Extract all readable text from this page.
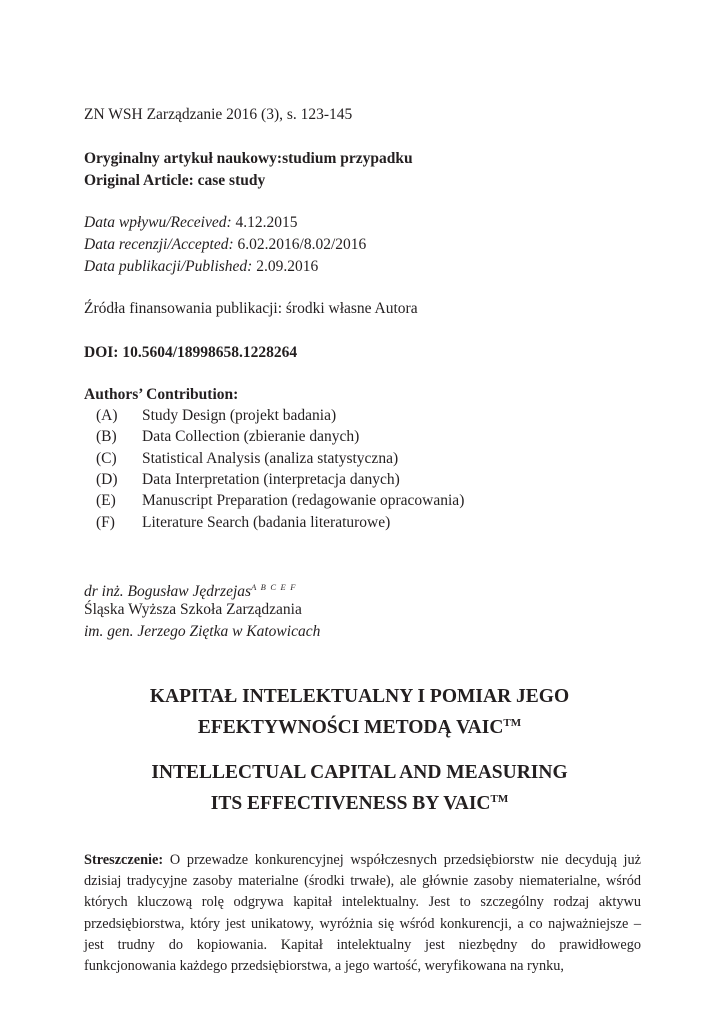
ZN WSH Zarządzanie 2016 (3), s. 123-145
Oryginalny artykuł naukowy:studium przypadku
Original Article: case study
Data wpływu/Received: 4.12.2015
Data recenzji/Accepted: 6.02.2016/8.02/2016
Data publikacji/Published: 2.09.2016
Źródła finansowania publikacji: środki własne Autora
DOI: 10.5604/18998658.1228264
Authors’ Contribution:
(A) Study Design (projekt badania)
(B) Data Collection (zbieranie danych)
(C) Statistical Analysis (analiza statystyczna)
(D) Data Interpretation (interpretacja danych)
(E) Manuscript Preparation (redagowanie opracowania)
(F) Literature Search (badania literaturowe)
dr inż. Bogusław Jędrzejas$^{A B C E F}$
Śląska Wyższa Szkoła Zarządzania
im. gen. Jerzego Ziętka w Katowicach
KAPITAŁ INTELEKTUALNY I POMIAR JEGO
EFEKTYWNOŚCI METODĄ VAIC™
INTELLECTUAL CAPITAL AND MEASURING
ITS EFFECTIVENESS BY VAIC™
Streszczenie: O przewadze konkurencyjnej współczesnych przedsiębiorstw nie decydują już dzisiaj tradycyjne zasoby materialne (środki trwałe), ale głównie zasoby niematerialne, wśród których kluczową rolę odgrywa kapitał intelektualny. Jest to szczególny rodzaj aktywu przedsiębiorstwa, który jest unikatowy, wyróżnia się wśród konkurencji, a co najważniejsze – jest trudny do kopiowania. Kapitał intelektualny jest niezbędny do prawidłowego funkcjonowania każdego przedsiębiorstwa, a jego wartość, weryfikowana na rynku,
